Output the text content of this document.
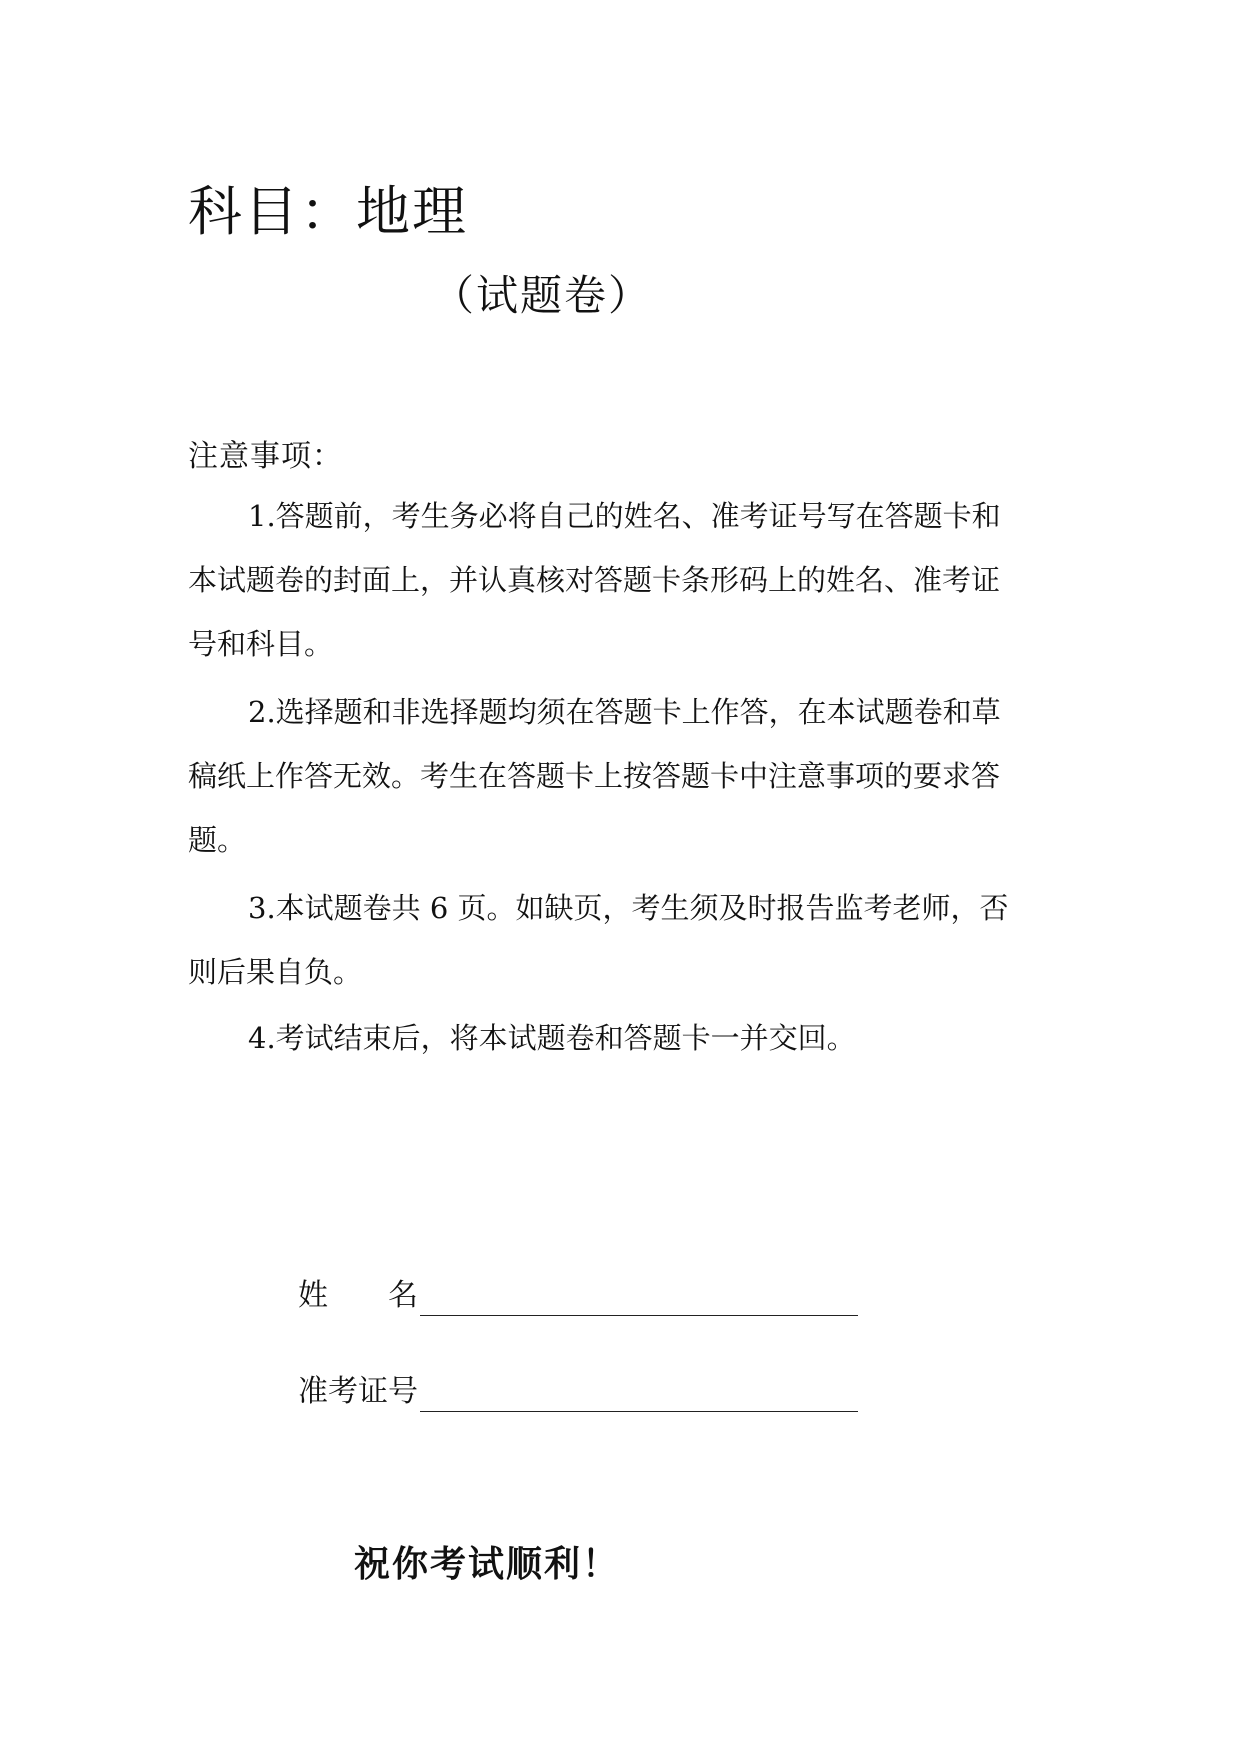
科目：地理
（试题卷）
注意事项：
1.答题前，考生务必将自己的姓名、准考证号写在答题卡和
本试题卷的封面上，并认真核对答题卡条形码上的姓名、准考证
号和科目。
2.选择题和非选择题均须在答题卡上作答，在本试题卷和草
稿纸上作答无效。考生在答题卡上按答题卡中注意事项的要求答
题。
3.本试题卷共 6 页。如缺页，考生须及时报告监考老师，否
则后果自负。
4.考试结束后，将本试题卷和答题卡一并交回。
姓　　名
准考证号
祝你考试顺利！
